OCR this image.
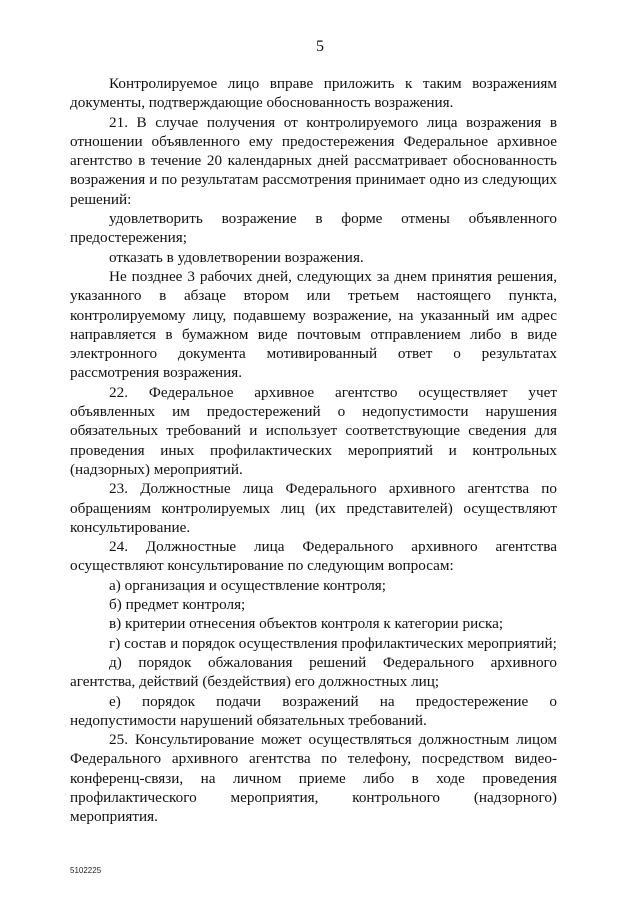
5

Контролируемое лицо вправе приложить к таким возражениям документы, подтверждающие обоснованность возражения.

21. В случае получения от контролируемого лица возражения в отношении объявленного ему предостережения Федеральное архивное агентство в течение 20 календарных дней рассматривает обоснованность возражения и по результатам рассмотрения принимает одно из следующих решений:

удовлетворить возражение в форме отмены объявленного предостережения;

отказать в удовлетворении возражения.

Не позднее 3 рабочих дней, следующих за днем принятия решения, указанного в абзаце втором или третьем настоящего пункта, контролируемому лицу, подавшему возражение, на указанный им адрес направляется в бумажном виде почтовым отправлением либо в виде электронного документа мотивированный ответ о результатах рассмотрения возражения.

22. Федеральное архивное агентство осуществляет учет объявленных им предостережений о недопустимости нарушения обязательных требований и использует соответствующие сведения для проведения иных профилактических мероприятий и контрольных (надзорных) мероприятий.

23. Должностные лица Федерального архивного агентства по обращениям контролируемых лиц (их представителей) осуществляют консультирование.

24. Должностные лица Федерального архивного агентства осуществляют консультирование по следующим вопросам:

а) организация и осуществление контроля;

б) предмет контроля;

в) критерии отнесения объектов контроля к категории риска;

г) состав и порядок осуществления профилактических мероприятий;

д) порядок обжалования решений Федерального архивного агентства, действий (бездействия) его должностных лиц;

е) порядок подачи возражений на предостережение о недопустимости нарушений обязательных требований.

25. Консультирование может осуществляться должностным лицом Федерального архивного агентства по телефону, посредством видео-конференц-связи, на личном приеме либо в ходе проведения профилактического мероприятия, контрольного (надзорного) мероприятия.

5102225
